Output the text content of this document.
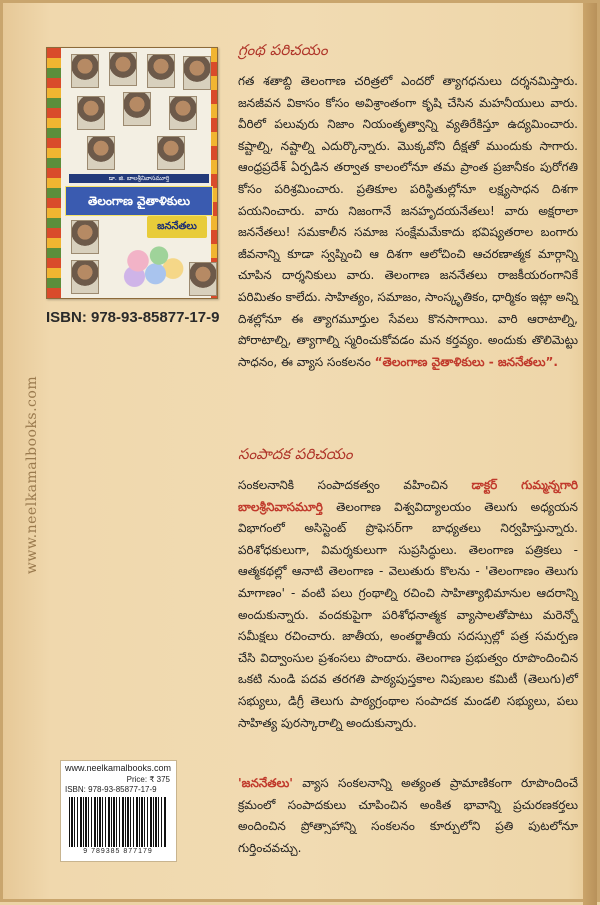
www.neelkamalbooks.com
డా. జి. బాలశ్రీనివాసమూర్తి
తెలంగాణ వైతాళికులు
జననేతలు

ISBN: 978-93-85877-17-9

www.neelkamalbooks.com
Price: ₹ 375
ISBN: 978-93-85877-17-9
9 789385 877179
గ్రంథ పరిచయం

గత శతాబ్ది తెలంగాణ చరిత్రలో ఎందరో త్యాగధనులు దర్శనమిస్తారు. జనజీవన వికాసం కోసం అవిశ్రాంతంగా కృషి చేసిన మహనీయులు వారు. వీరిలో పలువురు నిజాం నియంతృత్వాన్ని వ్యతిరేకిస్తూ ఉద్యమించారు. కష్టాల్ని, నష్టాల్ని ఎదుర్కొన్నారు. మొక్కవోని దీక్షతో ముందుకు సాగారు. ఆంధ్రప్రదేశ్ ఏర్పడిన తర్వాత కాలంలోనూ తమ ప్రాంత ప్రజానీకం పురోగతి కోసం పరిశ్రమించారు. ప్రతికూల పరిస్థితుల్లోనూ లక్ష్యసాధన దిశగా పయనించారు. వారు నిజంగానే జనహృదయనేతలు! వారు అక్షరాలా జననేతలు! సమకాలీన సమాజ సంక్షేమమేకాదు భవిష్యతరాల బంగారు జీవనాన్ని కూడా స్వప్నించి ఆ దిశగా ఆలోచించి ఆచరణాత్మక మార్గాన్ని చూపిన దార్శనికులు వారు. తెలంగాణ జననేతలు రాజకీయరంగానికే పరిమితం కాలేదు. సాహిత్యం, సమాజం, సాంస్కృతికం, ధార్మికం ఇట్లా అన్ని దిశల్లోనూ ఈ త్యాగమూర్తుల సేవలు కొనసాగాయి. వారి ఆరాటాల్ని, పోరాటాల్ని, త్యాగాల్ని స్మరించుకోవడం మన కర్తవ్యం. అందుకు తొలిమెట్టు సాధనం, ఈ వ్యాస సంకలనం “తెలంగాణ వైతాళికులు - జననేతలు”.

సంపాదక పరిచయం

సంకలనానికి సంపాదకత్వం వహించిన డాక్టర్ గుమ్మన్నగారి బాలశ్రీనివాసమూర్తి తెలంగాణ విశ్వవిద్యాలయం తెలుగు అధ్యయన విభాగంలో అసిస్టెంట్ ప్రొఫెసర్‌గా బాధ్యతలు నిర్వహిస్తున్నారు. పరిశోధకులుగా, విమర్శకులుగా సుప్రసిద్ధులు. తెలంగాణ పత్రికలు - ఆత్మకథల్లో ఆనాటి తెలంగాణ - వెలుతురు కొలను - 'తెలంగాణం తెలుగు మాగాణం' - వంటి పలు గ్రంథాల్ని రచించి సాహిత్యాభిమానుల ఆదరాన్ని అందుకున్నారు. వందకుపైగా పరిశోధనాత్మక వ్యాసాలతోపాటు మరెన్నో సమీక్షలు రచించారు. జాతీయ, అంతర్జాతీయ సదస్సుల్లో పత్ర సమర్పణ చేసి విద్వాంసుల ప్రశంసలు పొందారు. తెలంగాణ ప్రభుత్వం రూపొందించిన ఒకటి నుండి పదవ తరగతి పాఠ్యపుస్తకాల నిపుణుల కమిటీ (తెలుగు)లో సభ్యులు, డిగ్రీ తెలుగు పాఠ్యగ్రంథాల సంపాదక మండలి సభ్యులు, పలు సాహిత్య పురస్కారాల్ని అందుకున్నారు.

'జననేతలు' వ్యాస సంకలనాన్ని అత్యంత ప్రామాణికంగా రూపొందించే క్రమంలో సంపాదకులు చూపించిన అంకిత భావాన్ని ప్రచురణకర్తలు అందించిన ప్రోత్సాహాన్ని సంకలనం కూర్పులోని ప్రతి పుటలోనూ గుర్తించవచ్చు.
